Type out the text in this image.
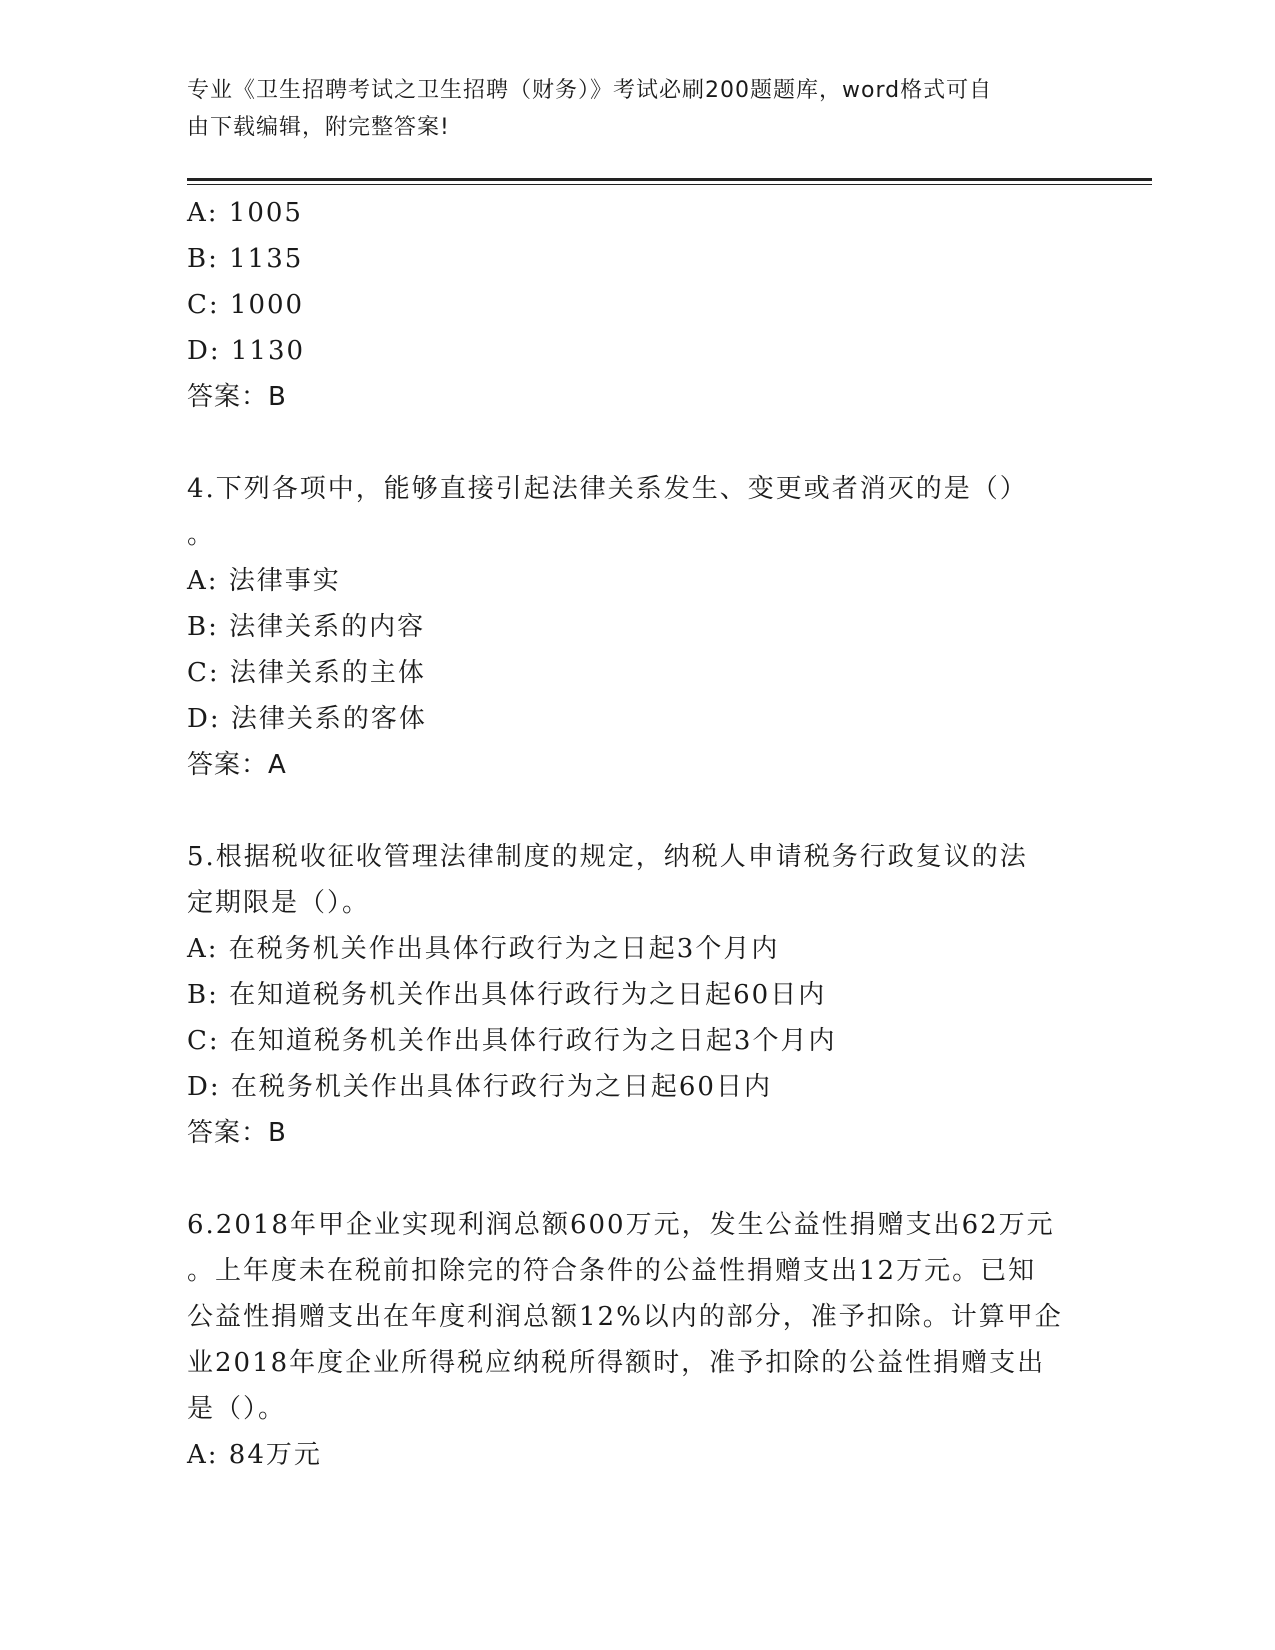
专业《卫生招聘考试之卫生招聘（财务）》考试必刷200题题库，word格式可自
由下载编辑，附完整答案!
A: 1005
B: 1135
C: 1000
D: 1130
答案：B
4.下列各项中，能够直接引起法律关系发生、变更或者消灭的是（）
。
A: 法律事实
B: 法律关系的内容
C: 法律关系的主体
D: 法律关系的客体
答案：A
5.根据税收征收管理法律制度的规定，纳税人申请税务行政复议的法
定期限是（）。
A: 在税务机关作出具体行政行为之日起3个月内
B: 在知道税务机关作出具体行政行为之日起60日内
C: 在知道税务机关作出具体行政行为之日起3个月内
D: 在税务机关作出具体行政行为之日起60日内
答案：B
6.2018年甲企业实现利润总额600万元，发生公益性捐赠支出62万元
。上年度未在税前扣除完的符合条件的公益性捐赠支出12万元。已知
公益性捐赠支出在年度利润总额12%以内的部分，准予扣除。计算甲企
业2018年度企业所得税应纳税所得额时，准予扣除的公益性捐赠支出
是（）。
A: 84万元
